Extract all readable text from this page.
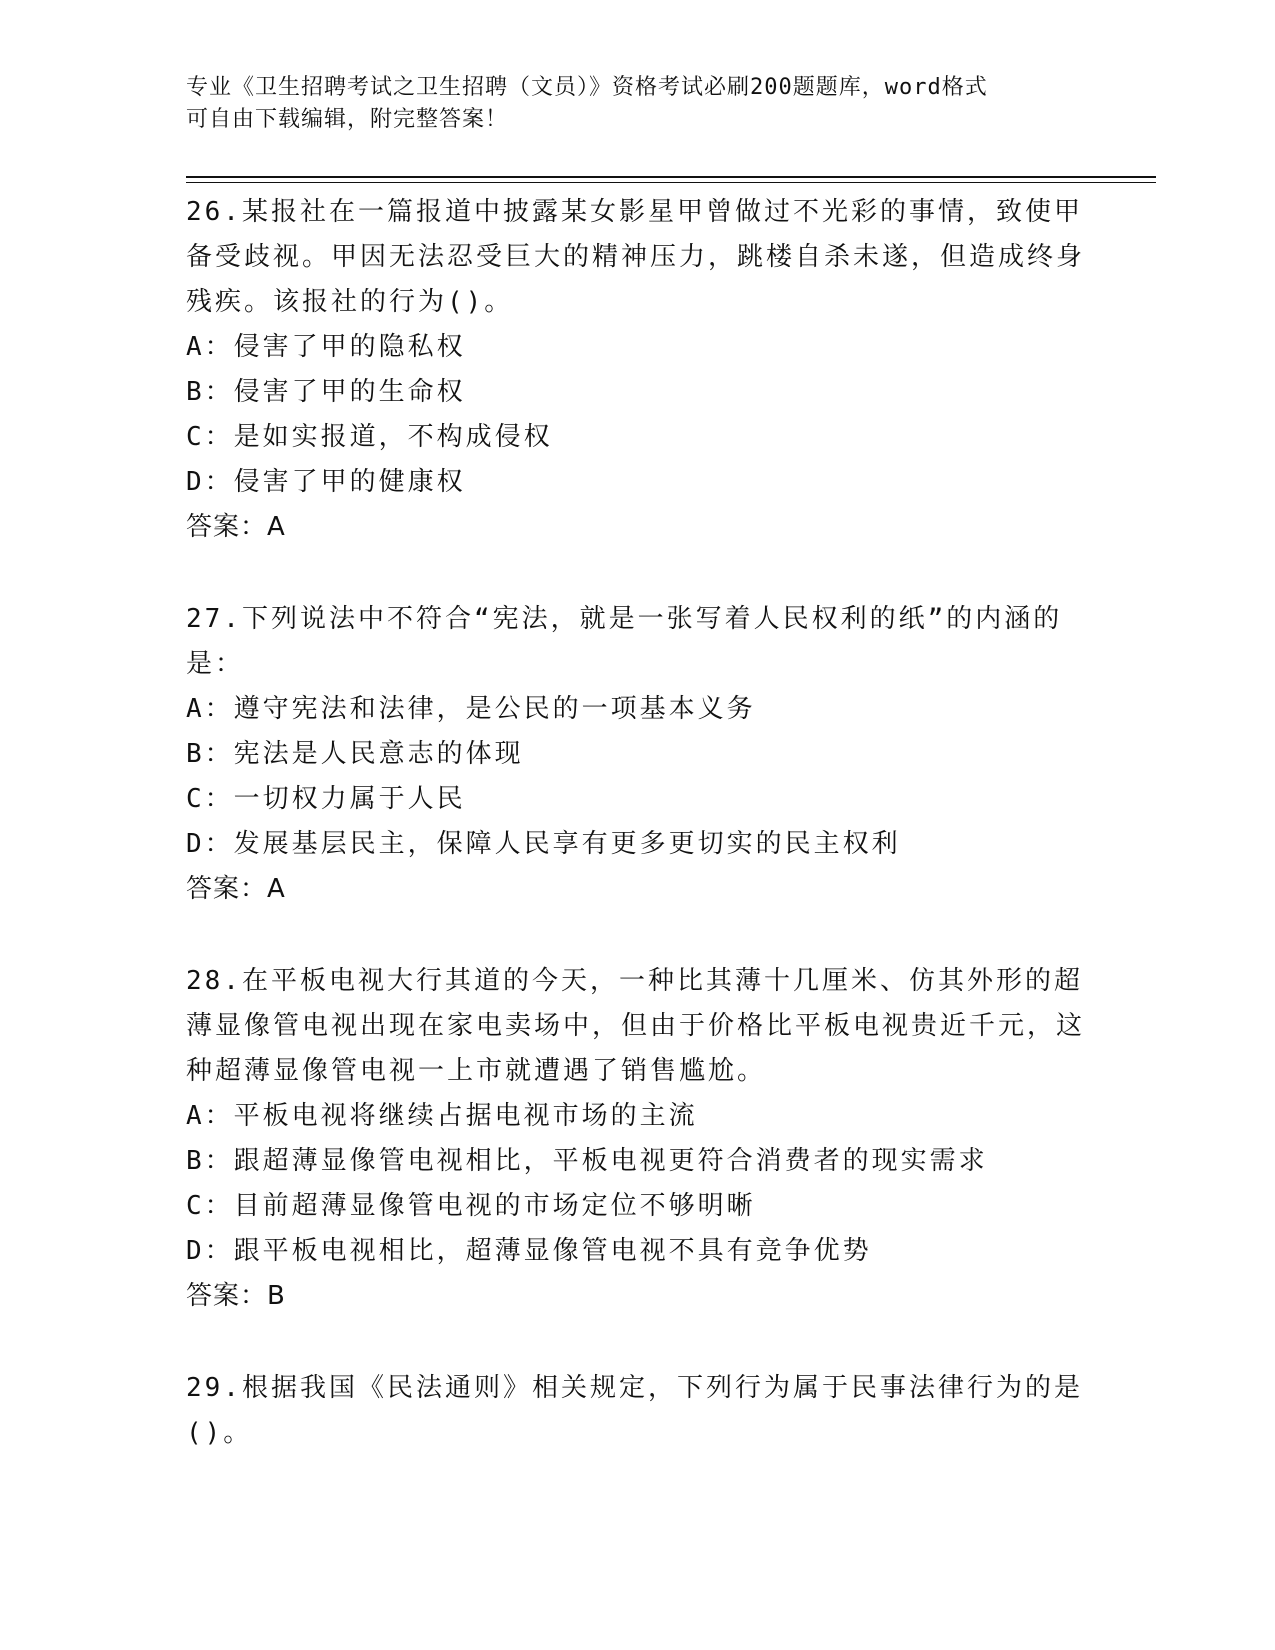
专业《卫生招聘考试之卫生招聘（文员）》资格考试必刷200题题库，word格式
可自由下载编辑，附完整答案！

26.某报社在一篇报道中披露某女影星甲曾做过不光彩的事情，致使甲备受歧视。甲因无法忍受巨大的精神压力，跳楼自杀未遂，但造成终身残疾。该报社的行为()。

A：侵害了甲的隐私权

B：侵害了甲的生命权

C：是如实报道，不构成侵权

D：侵害了甲的健康权

答案：A

27.下列说法中不符合“宪法，就是一张写着人民权利的纸”的内涵的是：

A：遵守宪法和法律，是公民的一项基本义务

B：宪法是人民意志的体现

C：一切权力属于人民

D：发展基层民主，保障人民享有更多更切实的民主权利

答案：A

28.在平板电视大行其道的今天，一种比其薄十几厘米、仿其外形的超薄显像管电视出现在家电卖场中，但由于价格比平板电视贵近千元，这种超薄显像管电视一上市就遭遇了销售尴尬。

A：平板电视将继续占据电视市场的主流

B：跟超薄显像管电视相比，平板电视更符合消费者的现实需求

C：目前超薄显像管电视的市场定位不够明晰

D：跟平板电视相比，超薄显像管电视不具有竞争优势

答案：B

29.根据我国《民法通则》相关规定，下列行为属于民事法律行为的是()。
